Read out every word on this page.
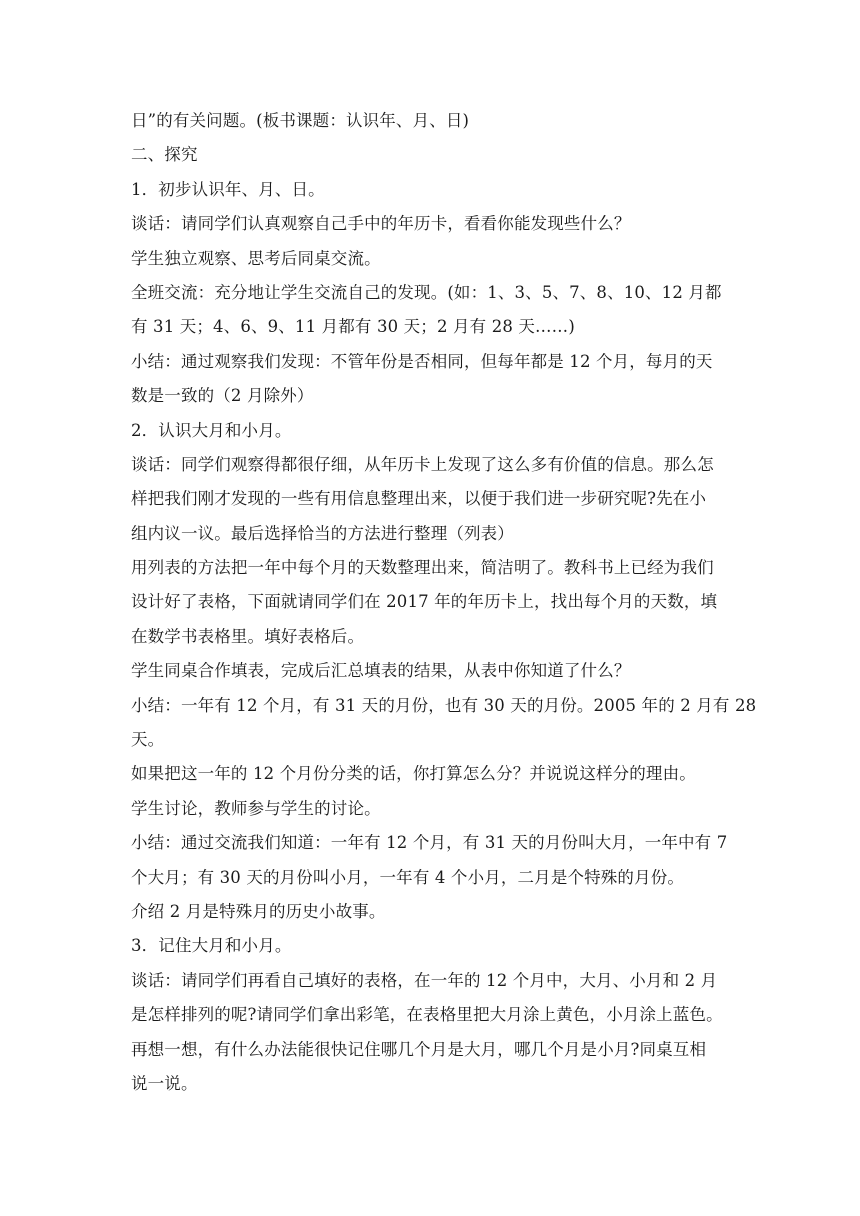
日”的有关问题。(板书课题：认识年、月、日)
二、探究
1．初步认识年、月、日。
谈话：请同学们认真观察自己手中的年历卡，看看你能发现些什么？
学生独立观察、思考后同桌交流。
全班交流：充分地让学生交流自己的发现。(如：1、3、5、7、8、10、12 月都
有 31 天；4、6、9、11 月都有 30 天；2 月有 28 天……)
小结：通过观察我们发现：不管年份是否相同，但每年都是 12 个月，每月的天
数是一致的（2 月除外）
2．认识大月和小月。
谈话：同学们观察得都很仔细，从年历卡上发现了这么多有价值的信息。那么怎
样把我们刚才发现的一些有用信息整理出来，以便于我们进一步研究呢?先在小
组内议一议。最后选择恰当的方法进行整理（列表）
用列表的方法把一年中每个月的天数整理出来，简洁明了。教科书上已经为我们
设计好了表格，下面就请同学们在 2017 年的年历卡上，找出每个月的天数，填
在数学书表格里。填好表格后。
学生同桌合作填表，完成后汇总填表的结果，从表中你知道了什么？
小结：一年有 12 个月，有 31 天的月份，也有 30 天的月份。2005 年的 2 月有 28
天。
如果把这一年的 12 个月份分类的话，你打算怎么分？并说说这样分的理由。
学生讨论，教师参与学生的讨论。
小结：通过交流我们知道：一年有 12 个月，有 31 天的月份叫大月，一年中有 7
个大月；有 30 天的月份叫小月，一年有 4 个小月，二月是个特殊的月份。
介绍 2 月是特殊月的历史小故事。
3．记住大月和小月。
谈话：请同学们再看自己填好的表格，在一年的 12 个月中，大月、小月和 2 月
是怎样排列的呢?请同学们拿出彩笔，在表格里把大月涂上黄色，小月涂上蓝色。
再想一想，有什么办法能很快记住哪几个月是大月，哪几个月是小月?同桌互相
说一说。
